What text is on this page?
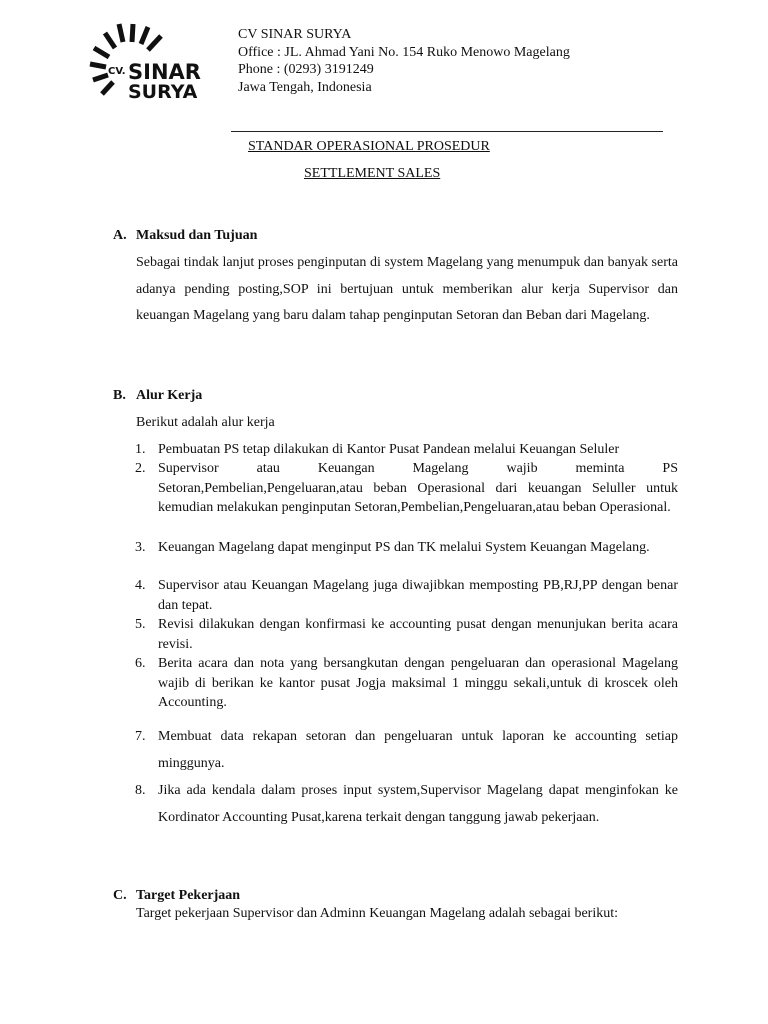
CV. SINAR
SURYA
CV SINAR SURYA
Office : JL. Ahmad Yani No. 154 Ruko Menowo Magelang
Phone : (0293) 3191249
Jawa Tengah, Indonesia
STANDAR OPERASIONAL PROSEDUR
SETTLEMENT SALES
A. Maksud dan Tujuan
Sebagai tindak lanjut proses penginputan di system Magelang yang menumpuk dan banyak serta adanya pending posting,SOP ini bertujuan untuk memberikan alur kerja Supervisor dan keuangan Magelang yang baru dalam tahap penginputan Setoran dan Beban dari Magelang.
B. Alur Kerja
Berikut adalah alur kerja
1. Pembuatan PS tetap dilakukan di Kantor Pusat Pandean melalui Keuangan Seluler
2. Supervisor atau Keuangan Magelang wajib meminta PS Setoran,Pembelian,Pengeluaran,atau beban Operasional dari keuangan Seluller untuk kemudian melakukan penginputan Setoran,Pembelian,Pengeluaran,atau beban Operasional.
3. Keuangan Magelang dapat menginput PS dan TK melalui System Keuangan Magelang.
4. Supervisor atau Keuangan Magelang juga diwajibkan memposting PB,RJ,PP dengan benar dan tepat.
5. Revisi dilakukan dengan konfirmasi ke accounting pusat dengan menunjukan berita acara revisi.
6. Berita acara dan nota yang bersangkutan dengan pengeluaran dan operasional Magelang wajib di berikan ke kantor pusat Jogja maksimal 1 minggu sekali,untuk di kroscek oleh Accounting.
7. Membuat data rekapan setoran dan pengeluaran untuk laporan ke accounting setiap minggunya.
8. Jika ada kendala dalam proses input system,Supervisor Magelang dapat menginfokan ke Kordinator Accounting Pusat,karena terkait dengan tanggung jawab pekerjaan.
C. Target Pekerjaan
Target pekerjaan Supervisor dan Adminn Keuangan Magelang adalah sebagai berikut:
